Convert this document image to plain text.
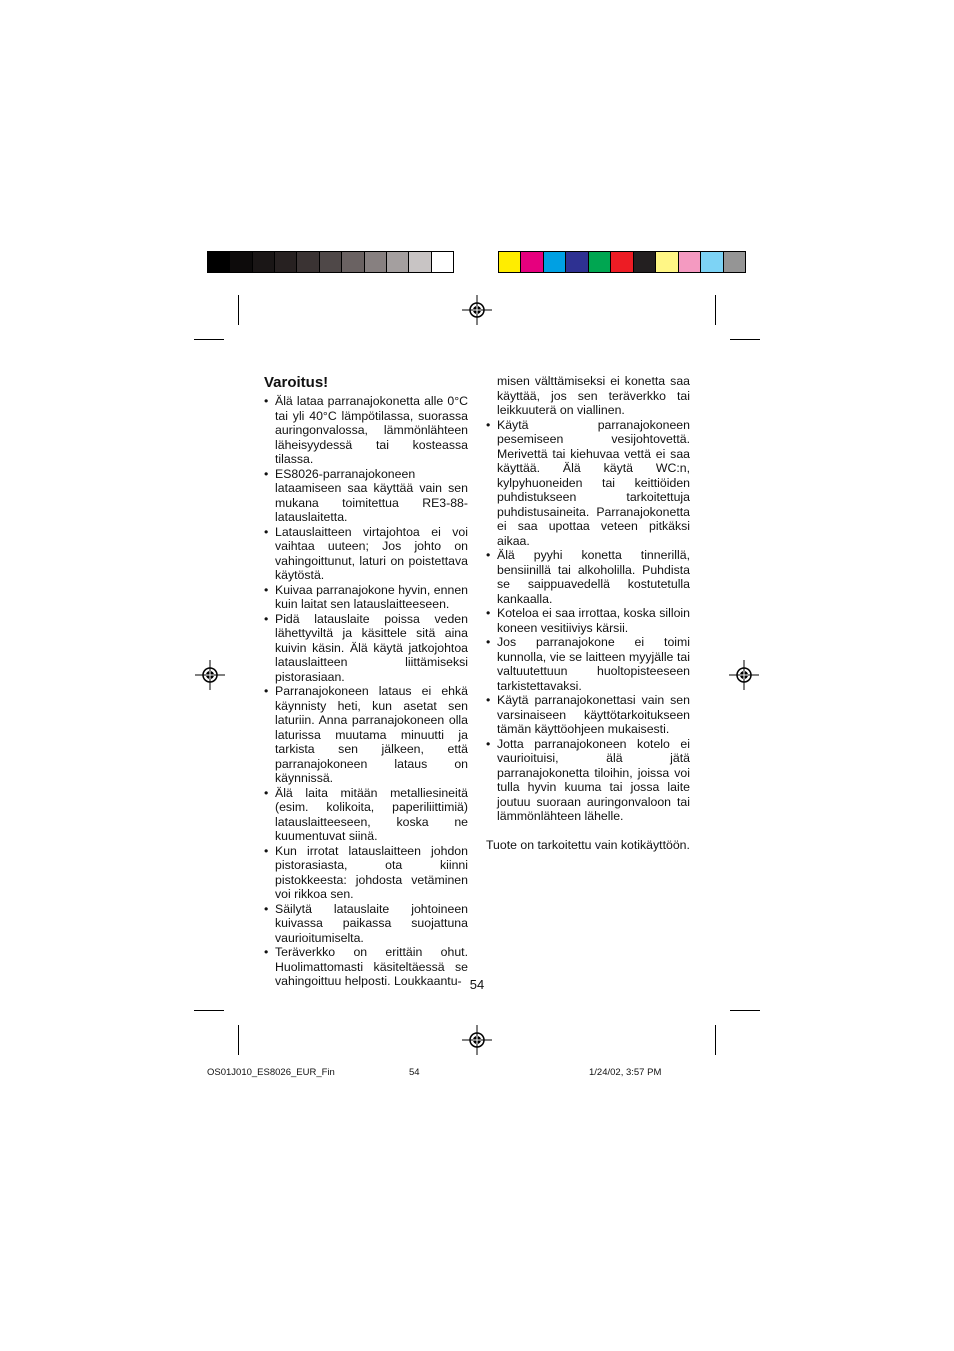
Varoitus!
• Älä lataa parranajokonetta alle 0°C tai yli 40°C lämpötilassa, suorassa auringonvalossa, lämmönlähteen läheisyydessä tai kosteassa tilassa.
• ES8026-parranajokoneen lataamiseen saa käyttää vain sen mukana toimitettua RE3-88-latauslaitetta.
• Latauslaitteen virtajohtoa ei voi vaihtaa uuteen; Jos johto on vahingoittunut, laturi on poistettava käytöstä.
• Kuivaa parranajokone hyvin, ennen kuin laitat sen latauslaitteeseen.
• Pidä latauslaite poissa veden lähettyviltä ja käsittele sitä aina kuivin käsin. Älä käytä jatkojohtoa latauslaitteen liittämiseksi pistorasiaan.
• Parranajokoneen lataus ei ehkä käynnisty heti, kun asetat sen laturiin. Anna parranajokoneen olla laturissa muutama minuutti ja tarkista sen jälkeen, että parranajokoneen lataus on käynnissä.
• Älä laita mitään metalliesineitä (esim. kolikoita, paperiliittimiä) latauslaitteeseen, koska ne kuumentuvat siinä.
• Kun irrotat latauslaitteen johdon pistorasiasta, ota kiinni pistokkeesta: johdosta vetäminen voi rikkoa sen.
• Säilytä latauslaite johtoineen kuivassa paikassa suojattuna vaurioitumiselta.
• Teräverkko on erittäin ohut. Huolimattomasti käsiteltäessä se vahingoittuu helposti. Loukkaantu-
misen välttämiseksi ei konetta saa käyttää, jos sen teräverkko tai leikkuuterä on viallinen.
• Käytä parranajokoneen pesemiseen vesijohtovettä. Merivettä tai kiehuvaa vettä ei saa käyttää. Älä käytä WC:n, kylpyhuoneiden tai keittiöiden puhdistukseen tarkoitettuja puhdistusaineita. Parranajokonetta ei saa upottaa veteen pitkäksi aikaa.
• Älä pyyhi konetta tinnerillä, bensiinillä tai alkoholilla. Puhdista se saippuavedellä kostutetulla kankaalla.
• Koteloa ei saa irrottaa, koska silloin koneen vesitiiviys kärsii.
• Jos parranajokone ei toimi kunnolla, vie se laitteen myyjälle tai valtuutettuun huoltopisteeseen tarkistettavaksi.
• Käytä parranajokonettasi vain sen varsinaiseen käyttötarkoitukseen tämän käyttöohjeen mukaisesti.
• Jotta parranajokoneen kotelo ei vaurioituisi, älä jätä parranajokonetta tiloihin, joissa voi tulla hyvin kuuma tai jossa laite joutuu suoraan auringonvaloon tai lämmönlähteen lähelle.
Tuote on tarkoitettu vain kotikäyttöön.
54
OS01J010_ES8026_EUR_Fin	54	1/24/02, 3:57 PM
